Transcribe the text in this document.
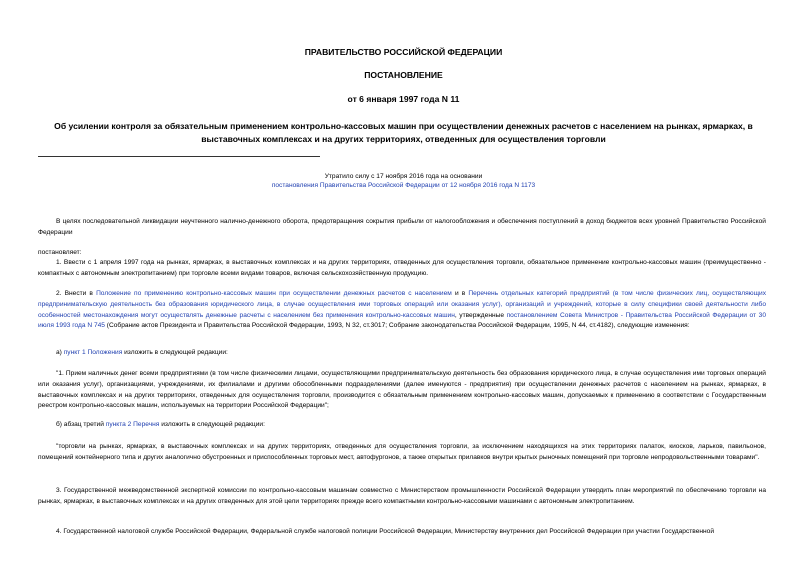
ПРАВИТЕЛЬСТВО РОССИЙСКОЙ ФЕДЕРАЦИИ
ПОСТАНОВЛЕНИЕ
от 6 января 1997 года N 11
Об усилении контроля за обязательным применением контрольно-кассовых машин при осуществлении денежных расчетов с населением на рынках, ярмарках, в выставочных комплексах и на других территориях, отведенных для осуществления торговли
Утратило силу с 17 ноября 2016 года на основании
постановления Правительства Российской Федерации от 12 ноября 2016 года N 1173
В целях последовательной ликвидации неучтенного налично-денежного оборота, предотвращения сокрытия прибыли от налогообложения и обеспечения поступлений в доход бюджетов всех уровней Правительство Российской Федерации
постановляет:
1. Ввести с 1 апреля 1997 года на рынках, ярмарках, в выставочных комплексах и на других территориях, отведенных для осуществления торговли, обязательное применение контрольно-кассовых машин (преимущественно - компактных с автономным электропитанием) при торговле всеми видами товаров, включая сельскохозяйственную продукцию.
2. Внести в Положение по применению контрольно-кассовых машин при осуществлении денежных расчетов с населением и в Перечень отдельных категорий предприятий (в том числе физических лиц, осуществляющих предпринимательскую деятельность без образования юридического лица, в случае осуществления ими торговых операций или оказания услуг), организаций и учреждений, которые в силу специфики своей деятельности либо особенностей местонахождения могут осуществлять денежные расчеты с населением без применения контрольно-кассовых машин, утвержденные постановлением Совета Министров - Правительства Российской Федерации от 30 июля 1993 года N 745 (Собрание актов Президента и Правительства Российской Федерации, 1993, N 32, ст.3017; Собрание законодательства Российской Федерации, 1995, N 44, ст.4182), следующие изменения:
а) пункт 1 Положения изложить в следующей редакции:
"1. Прием наличных денег всеми предприятиями (в том числе физическими лицами, осуществляющими предпринимательскую деятельность без образования юридического лица, в случае осуществления ими торговых операций или оказания услуг), организациями, учреждениями, их филиалами и другими обособленными подразделениями (далее именуются - предприятия) при осуществлении денежных расчетов с населением на рынках, ярмарках, в выставочных комплексах и на других территориях, отведенных для осуществления торговли, производится с обязательным применением контрольно-кассовых машин, допускаемых к применению в соответствии с Государственным реестром контрольно-кассовых машин, используемых на территории Российской Федерации";
б) абзац третий пункта 2 Перечня изложить в следующей редакции:
"торговли на рынках, ярмарках, в выставочных комплексах и на других территориях, отведенных для осуществления торговли, за исключением находящихся на этих территориях палаток, киосков, ларьков, павильонов, помещений контейнерного типа и других аналогично обустроенных и приспособленных торговых мест, автофургонов, а также открытых прилавков внутри крытых рыночных помещений при торговле непродовольственными товарами".
3. Государственной межведомственной экспертной комиссии по контрольно-кассовым машинам совместно с Министерством промышленности Российской Федерации утвердить план мероприятий по обеспечению торговли на рынках, ярмарках, в выставочных комплексах и на других отведенных для этой цели территориях прежде всего компактными контрольно-кассовыми машинами с автономным электропитанием.
4. Государственной налоговой службе Российской Федерации, Федеральной службе налоговой полиции Российской Федерации, Министерству внутренних дел Российской Федерации при участии Государственной
